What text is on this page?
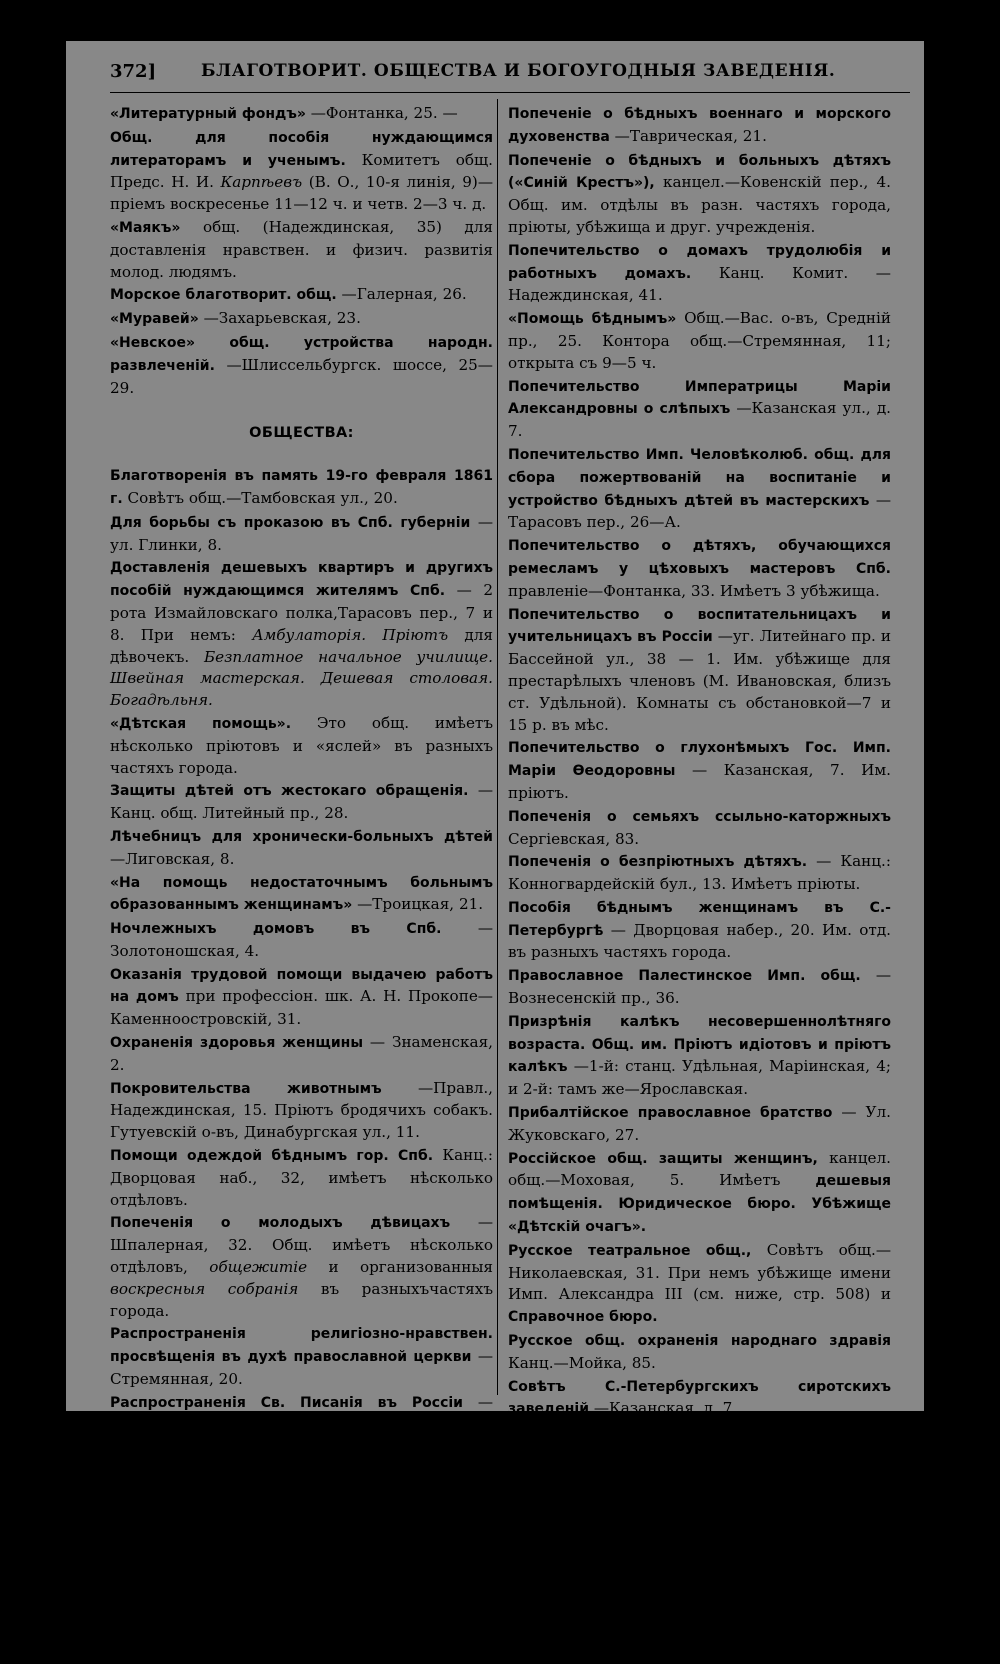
372]	БЛАГОТВОРИТ. ОБЩЕСТВА И БОГОУГОДНЫЯ ЗАВЕДЕНІЯ.

«Литературный фондъ» —Фонтанка, 25. —

Общ. для пособія нуждающимся литераторамъ и ученымъ. Комитетъ общ. Предс. Н. И. Карпѣевъ (В. О., 10-я линія, 9)—пріемъ воскресенье 11—12 ч. и четв. 2—3 ч. д.

«Маякъ» общ. (Надеждинская, 35) для доставленія нравствен. и физич. развитія молод. людямъ.

Морское благотворит. общ. —Галерная, 26.

«Муравей» —Захарьевская, 23.

«Невское» общ. устройства народн. развлеченій. —Шлиссельбургск. шоссе, 25—29.

ОБЩЕСТВА:

Благотворенія въ память 19-го февраля 1861 г. Совѣтъ общ.—Тамбовская ул., 20.

Для борьбы съ проказою въ Спб. губерніи — ул. Глинки, 8.

Доставленія дешевыхъ квартиръ и другихъ пособій нуждающимся жителямъ Спб. — 2 рота Измайловскаго полка,Тарасовъ пер., 7 и 8. При немъ: Амбулаторія. Пріютъ для дѣвочекъ. Безплатное начальное училище. Швейная мастерская. Дешевая столовая. Богадѣльня.

«Дѣтская помощь». Это общ. имѣетъ нѣсколько пріютовъ и «яслей» въ разныхъ частяхъ города.

Защиты дѣтей отъ жестокаго обращенія. — Канц. общ. Литейный пр., 28.

Лѣчебницъ для хронически-больныхъ дѣтей —Лиговская, 8.

«На помощь недостаточнымъ больнымъ образованнымъ женщинамъ» —Троицкая, 21.

Ночлежныхъ домовъ въ Спб. —Золотоношская, 4.

Оказанія трудовой помощи выдачею работъ на домъ при профессіон. шк. А. Н. Прокопе—Каменноостровскій, 31.

Охраненія здоровья женщины — Знаменская, 2.

Покровительства животнымъ —Правл., Надеждинская, 15. Пріютъ бродячихъ собакъ. Гутуевскій о-въ, Динабургская ул., 11.

Помощи одеждой бѣднымъ гор. Спб. Канц.: Дворцовая наб., 32, имѣетъ нѣсколько отдѣловъ.

Попеченія о молодыхъ дѣвицахъ — Шпалерная, 32. Общ. имѣетъ нѣсколько отдѣловъ, общежитіе и организованныя воскресныя собранія въ разныхъчастяхъ города.

Распространенія религіозно-нравствен. просвѣщенія въ духѣ православной церкви — Стремянная, 20.

Распространенія Св. Писанія въ Россіи — Васильевск. о-въ, 1 лин., 34.

Ревнителей вѣры и милосердія — Канцелярія—Итальянская, 12; Правл.—ст. Сергіево, Балт. ж. д.

Попеченія о выздоравливающихъ и слабосильныхъ. Лѣсной, Ст.-Парголовск.пр., 53.

Первый работный и ночлежный домъ для безпріютныхъ дѣтей и подростковъ, съ бюро для устройства ихъ въ мастерство. — Садовая, 86.

Попеченіе о бѣдныхъ военнаго и морского духовенства —Таврическая, 21.

Попеченіе о бѣдныхъ и больныхъ дѣтяхъ («Синій Крестъ»), канцел.—Ковенскій пер., 4. Общ. им. отдѣлы въ разн. частяхъ города, пріюты, убѣжища и друг. учрежденія.

Попечительство о домахъ трудолюбія и работныхъ домахъ. Канц. Комит. — Надеждинская, 41.

«Помощь бѣднымъ» Общ.—Вас. о-въ, Средній пр., 25. Контора общ.—Стремянная, 11; открыта съ 9—5 ч.

Попечительство Императрицы Маріи Александровны о слѣпыхъ —Казанская ул., д. 7.

Попечительство Имп. Человѣколюб. общ. для сбора пожертвованій на воспитаніе и устройство бѣдныхъ дѣтей въ мастерскихъ — Тарасовъ пер., 26—А.

Попечительство о дѣтяхъ, обучающихся ремесламъ у цѣховыхъ мастеровъ Спб. правленіе—Фонтанка, 33. Имѣетъ 3 убѣжища.

Попечительство о воспитательницахъ и учительницахъ въ Россіи —уг. Литейнаго пр. и Бассейной ул., 38 — 1. Им. убѣжище для престарѣлыхъ членовъ (М. Ивановская, близъ ст. Удѣльной). Комнаты съ обстановкой—7 и 15 р. въ мѣс.

Попечительство о глухонѣмыхъ Гос. Имп. Маріи Ѳеодоровны — Казанская, 7. Им. пріютъ.

Попеченія о семьяхъ ссыльно-каторжныхъ Сергіевская, 83.

Попеченія о безпріютныхъ дѣтяхъ. — Канц.: Конногвардейскій бул., 13. Имѣетъ пріюты.

Пособія бѣднымъ женщинамъ въ С.-Петербургѣ — Дворцовая набер., 20. Им. отд. въ разныхъ частяхъ города.

Православное Палестинское Имп. общ. — Вознесенскій пр., 36.

Призрѣнія калѣкъ несовершеннолѣтняго возраста. Общ. им. Пріютъ идіотовъ и пріютъ калѣкъ —1-й: станц. Удѣльная, Маріинская, 4; и 2-й: тамъ же—Ярославская.

Прибалтійское православное братство — Ул. Жуковскаго, 27.

Россійское общ. защиты женщинъ, канцел. общ.—Моховая, 5. Имѣетъ дешевыя помѣщенія. Юридическое бюро. Убѣжище «Дѣтскій очагъ».

Русское театральное общ., Совѣтъ общ.— Николаевская, 31. При немъ убѣжище имени Имп. Александра III (см. ниже, стр. 508) и Справочное бюро.

Русское общ. охраненія народнаго здравія Канц.—Мойка, 85.

Совѣтъ С.-Петербургскихъ сиротскихъ заведеній —Казанская, д. 7.

С.-Петербургское общ. врачебной помощи — Николаевская, 2.

Спб. общ. вспомоществованія учительницамъ (Нѣмецкое общ.). — Посредническое бюро общ.—Невскій, 40.

Спб. общ. пособія потерпѣвшимъ отъ пожарна бѣдствія въ Спб. —Офицерская, 48.

Спб. общ. попеченія о душевно-больныхъ — Спасская, 6.
